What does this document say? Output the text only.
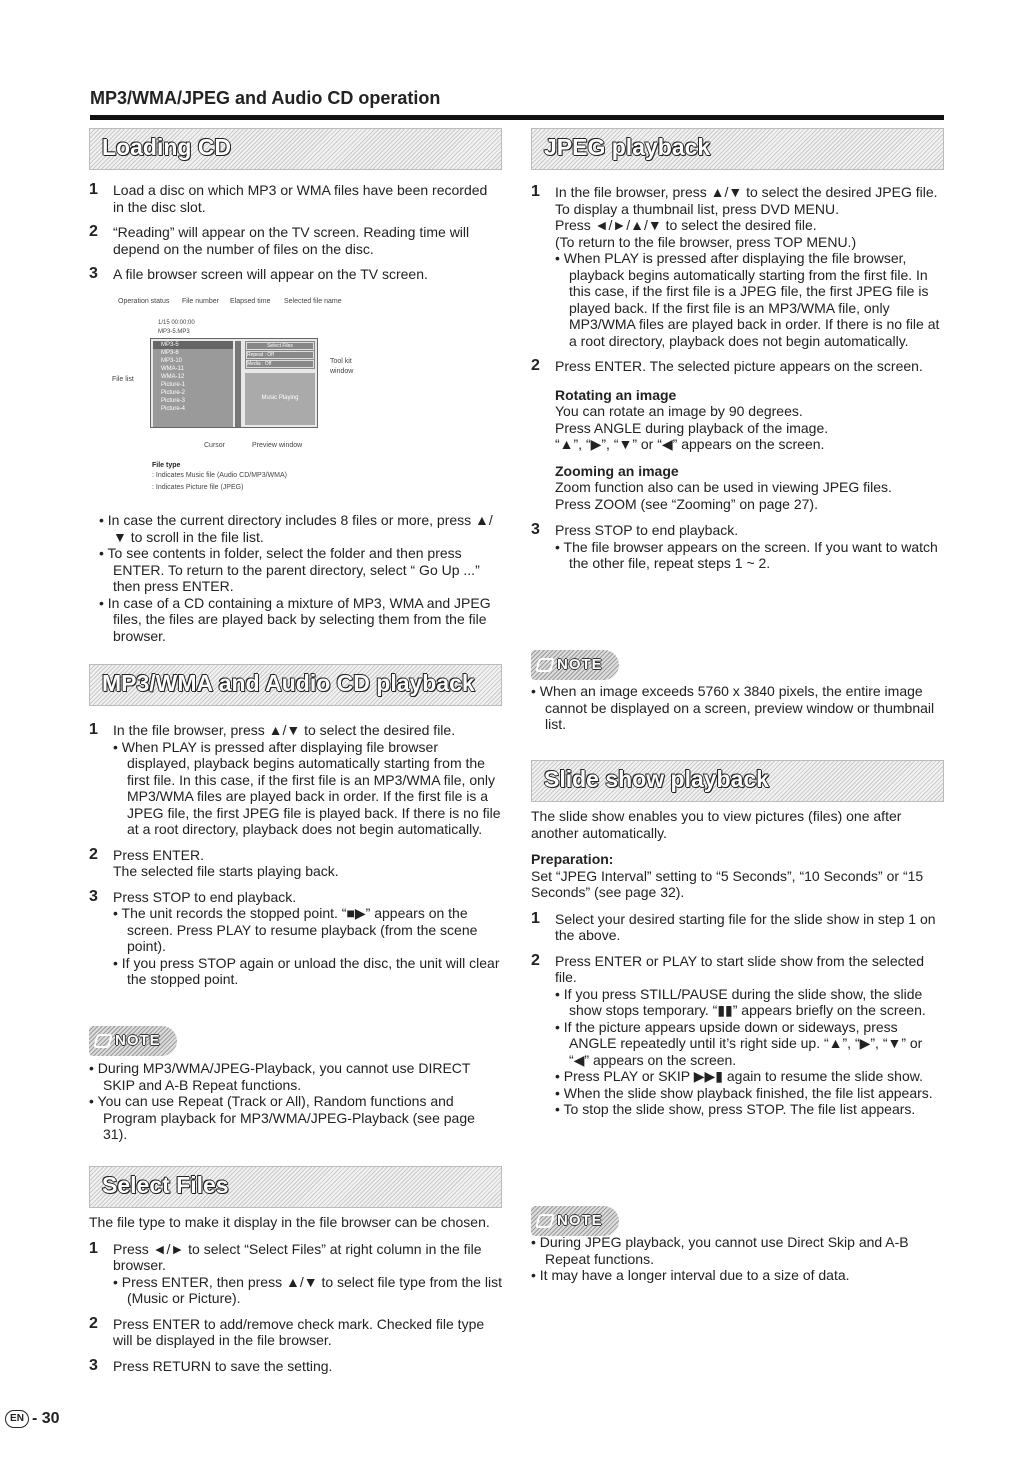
MP3/WMA/JPEG and Audio CD operation
Loading CD
1 Load a disc on which MP3 or WMA files have been recorded in the disc slot.
2 “Reading” will appear on the TV screen. Reading time will depend on the number of files on the disc.
3 A file browser screen will appear on the TV screen.
Operation status File number Elapsed time Selected file name
1/15 00:00:00
MP3-5.MP3
MP3-5
MP3-6
MP3-10
WMA-11
WMA-12
Picture-1
Picture-2
Picture-3
Picture-4
Select Files
Repeat : Off
Media : Off
Music Playing
Tool kit
window
File list
Cursor	Preview window
File type
: Indicates Music file (Audio CD/MP3/WMA)
: Indicates Picture file (JPEG)
• In case the current directory includes 8 files or more, press ▲/▼ to scroll in the file list.
• To see contents in folder, select the folder and then press ENTER. To return to the parent directory, select “ Go Up ...” then press ENTER.
• In case of a CD containing a mixture of MP3, WMA and JPEG files, the files are played back by selecting them from the file browser.
MP3/WMA and Audio CD playback
1 In the file browser, press ▲/▼ to select the desired file.
• When PLAY is pressed after displaying file browser displayed, playback begins automatically starting from the first file. In this case, if the first file is an MP3/WMA file, only MP3/WMA files are played back in order. If the first file is a JPEG file, the first JPEG file is played back. If there is no file at a root directory, playback does not begin automatically.
2 Press ENTER.
The selected file starts playing back.
3 Press STOP to end playback.
• The unit records the stopped point. “■▶” appears on the screen. Press PLAY to resume playback (from the scene point).
• If you press STOP again or unload the disc, the unit will clear the stopped point.
NOTE
• During MP3/WMA/JPEG-Playback, you cannot use DIRECT SKIP and A-B Repeat functions.
• You can use Repeat (Track or All), Random functions and Program playback for MP3/WMA/JPEG-Playback (see page 31).
Select Files
The file type to make it display in the file browser can be chosen.
1 Press ◄/► to select “Select Files” at right column in the file browser.
• Press ENTER, then press ▲/▼ to select file type from the list (Music or Picture).
2 Press ENTER to add/remove check mark. Checked file type will be displayed in the file browser.
3 Press RETURN to save the setting.
JPEG playback
1 In the file browser, press ▲/▼ to select the desired JPEG file.
To display a thumbnail list, press DVD MENU.
Press ◄/►/▲/▼ to select the desired file.
(To return to the file browser, press TOP MENU.)
• When PLAY is pressed after displaying the file browser, playback begins automatically starting from the first file. In this case, if the first file is a JPEG file, the first JPEG file is played back. If the first file is an MP3/WMA file, only MP3/WMA files are played back in order. If there is no file at a root directory, playback does not begin automatically.
2 Press ENTER. The selected picture appears on the screen.
Rotating an image
You can rotate an image by 90 degrees.
Press ANGLE during playback of the image.
“▲”, “▶”, “▼” or “◀” appears on the screen.
Zooming an image
Zoom function also can be used in viewing JPEG files.
Press ZOOM (see “Zooming” on page 27).
3 Press STOP to end playback.
• The file browser appears on the screen. If you want to watch the other file, repeat steps 1 ~ 2.
NOTE
• When an image exceeds 5760 x 3840 pixels, the entire image cannot be displayed on a screen, preview window or thumbnail list.
Slide show playback
The slide show enables you to view pictures (files) one after another automatically.
Preparation:
Set “JPEG Interval” setting to “5 Seconds”, “10 Seconds” or “15 Seconds” (see page 32).
1 Select your desired starting file for the slide show in step 1 on the above.
2 Press ENTER or PLAY to start slide show from the selected file.
• If you press STILL/PAUSE during the slide show, the slide show stops temporary. “▮▮” appears briefly on the screen.
• If the picture appears upside down or sideways, press ANGLE repeatedly until it’s right side up. “▲”, “▶”, “▼” or “◀” appears on the screen.
• Press PLAY or SKIP ▶▶▮ again to resume the slide show.
• When the slide show playback finished, the file list appears.
• To stop the slide show, press STOP. The file list appears.
NOTE
• During JPEG playback, you cannot use Direct Skip and A-B Repeat functions.
• It may have a longer interval due to a size of data.
EN - 30
